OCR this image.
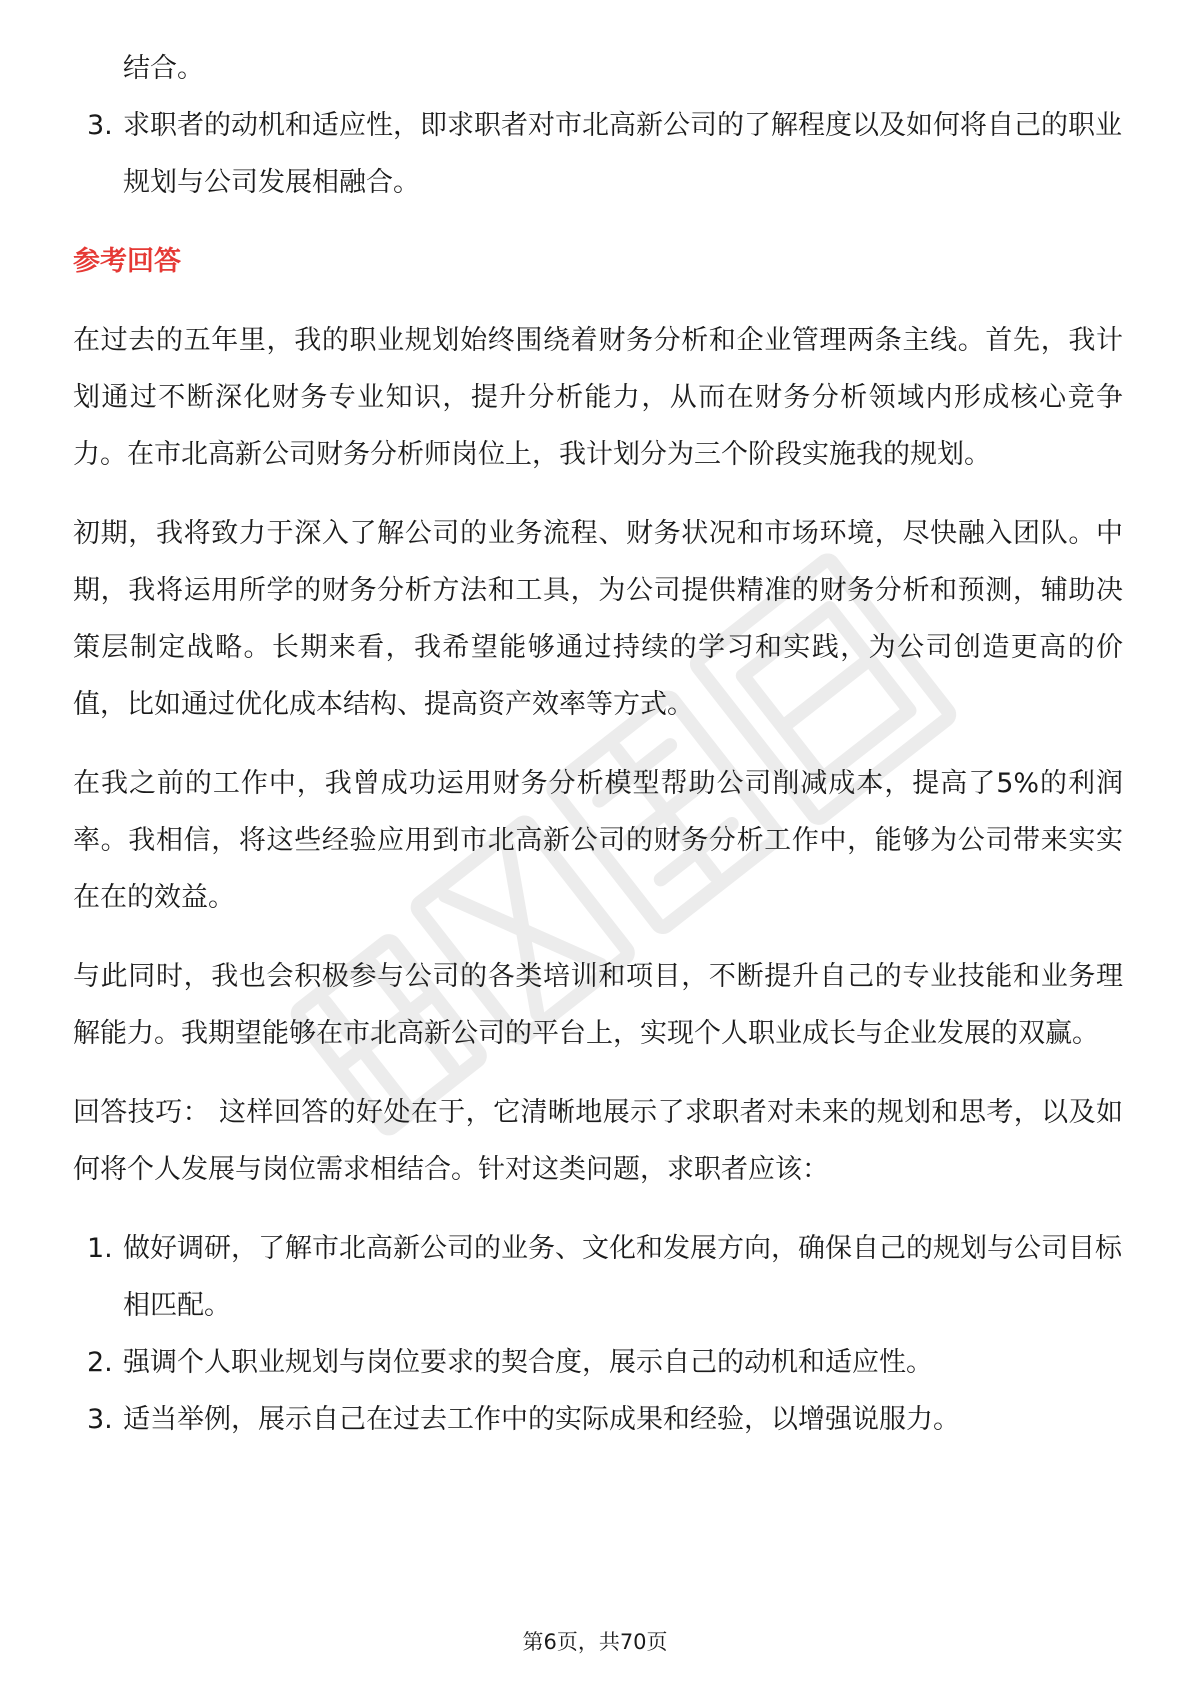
结合。

3. 求职者的动机和适应性，即求职者对市北高新公司的了解程度以及如何将自己的职业规划与公司发展相融合。
参考回答

在过去的五年里，我的职业规划始终围绕着财务分析和企业管理两条主线。首先，我计划通过不断深化财务专业知识，提升分析能力，从而在财务分析领域内形成核心竞争力。在市北高新公司财务分析师岗位上，我计划分为三个阶段实施我的规划。

初期，我将致力于深入了解公司的业务流程、财务状况和市场环境，尽快融入团队。中期，我将运用所学的财务分析方法和工具，为公司提供精准的财务分析和预测，辅助决策层制定战略。长期来看，我希望能够通过持续的学习和实践，为公司创造更高的价值，比如通过优化成本结构、提高资产效率等方式。

在我之前的工作中，我曾成功运用财务分析模型帮助公司削减成本，提高了5%的利润率。我相信，将这些经验应用到市北高新公司的财务分析工作中，能够为公司带来实实在在的效益。

与此同时，我也会积极参与公司的各类培训和项目，不断提升自己的专业技能和业务理解能力。我期望能够在市北高新公司的平台上，实现个人职业成长与企业发展的双赢。

回答技巧： 这样回答的好处在于，它清晰地展示了求职者对未来的规划和思考，以及如何将个人发展与岗位需求相结合。针对这类问题，求职者应该：

1. 做好调研，了解市北高新公司的业务、文化和发展方向，确保自己的规划与公司目标相匹配。
2. 强调个人职业规划与岗位要求的契合度，展示自己的动机和适应性。
3. 适当举例，展示自己在过去工作中的实际成果和经验，以增强说服力。
第6页，共70页
